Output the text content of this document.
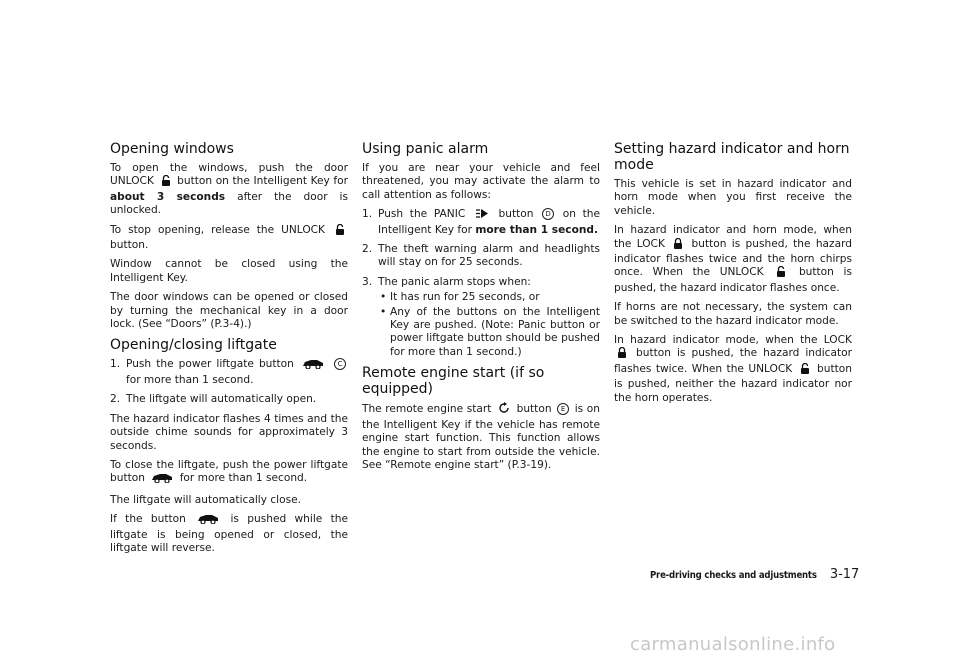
Opening windows

To open the windows, push the door UNLOCK button on the Intelligent Key for about 3 seconds after the door is unlocked.

To stop opening, release the UNLOCK  button.

Window cannot be closed using the Intelligent Key.

The door windows can be opened or closed by turning the mechanical key in a door lock. (See “Doors” (P.3-4).)

Opening/closing liftgate
1. Push the power liftgate button	C for more than 1 second.
2. The liftgate will automatically open.

The hazard indicator flashes 4 times and the outside chime sounds for approximately 3 seconds.

To close the liftgate, push the power liftgate button	for more than 1 second.

The liftgate will automatically close.

If the button	is pushed while the liftgate is being opened or closed, the liftgate will reverse.

Using panic alarm

If you are near your vehicle and feel threatened, you may activate the alarm to call attention as follows:

1. Push the PANIC	button D on the Intelligent Key for more than 1 second.
2. The theft warning alarm and headlights will stay on for 25 seconds.
3. The panic alarm stops when:
• It has run for 25 seconds, or
• Any of the buttons on the Intelligent Key are pushed. (Note: Panic button or power liftgate button should be pushed for more than 1 second.)
Remote engine start (if so equipped)

The remote engine start button E is on the Intelligent Key if the vehicle has remote engine start function. This function allows the engine to start from outside the vehicle. See “Remote engine start” (P.3-19).

Setting hazard indicator and horn mode

This vehicle is set in hazard indicator and horn mode when you first receive the vehicle.

In hazard indicator and horn mode, when the LOCK	button is pushed, the hazard indicator flashes twice and the horn chirps once. When the UNLOCK	button is pushed, the hazard indicator flashes once.

If horns are not necessary, the system can be switched to the hazard indicator mode.

In hazard indicator mode, when the LOCK  button is pushed, the hazard indicator flashes twice. When the UNLOCK button is pushed, neither the hazard indicator nor the horn operates.

Pre-driving checks and adjustments 3-17
carmanualsonline.info
